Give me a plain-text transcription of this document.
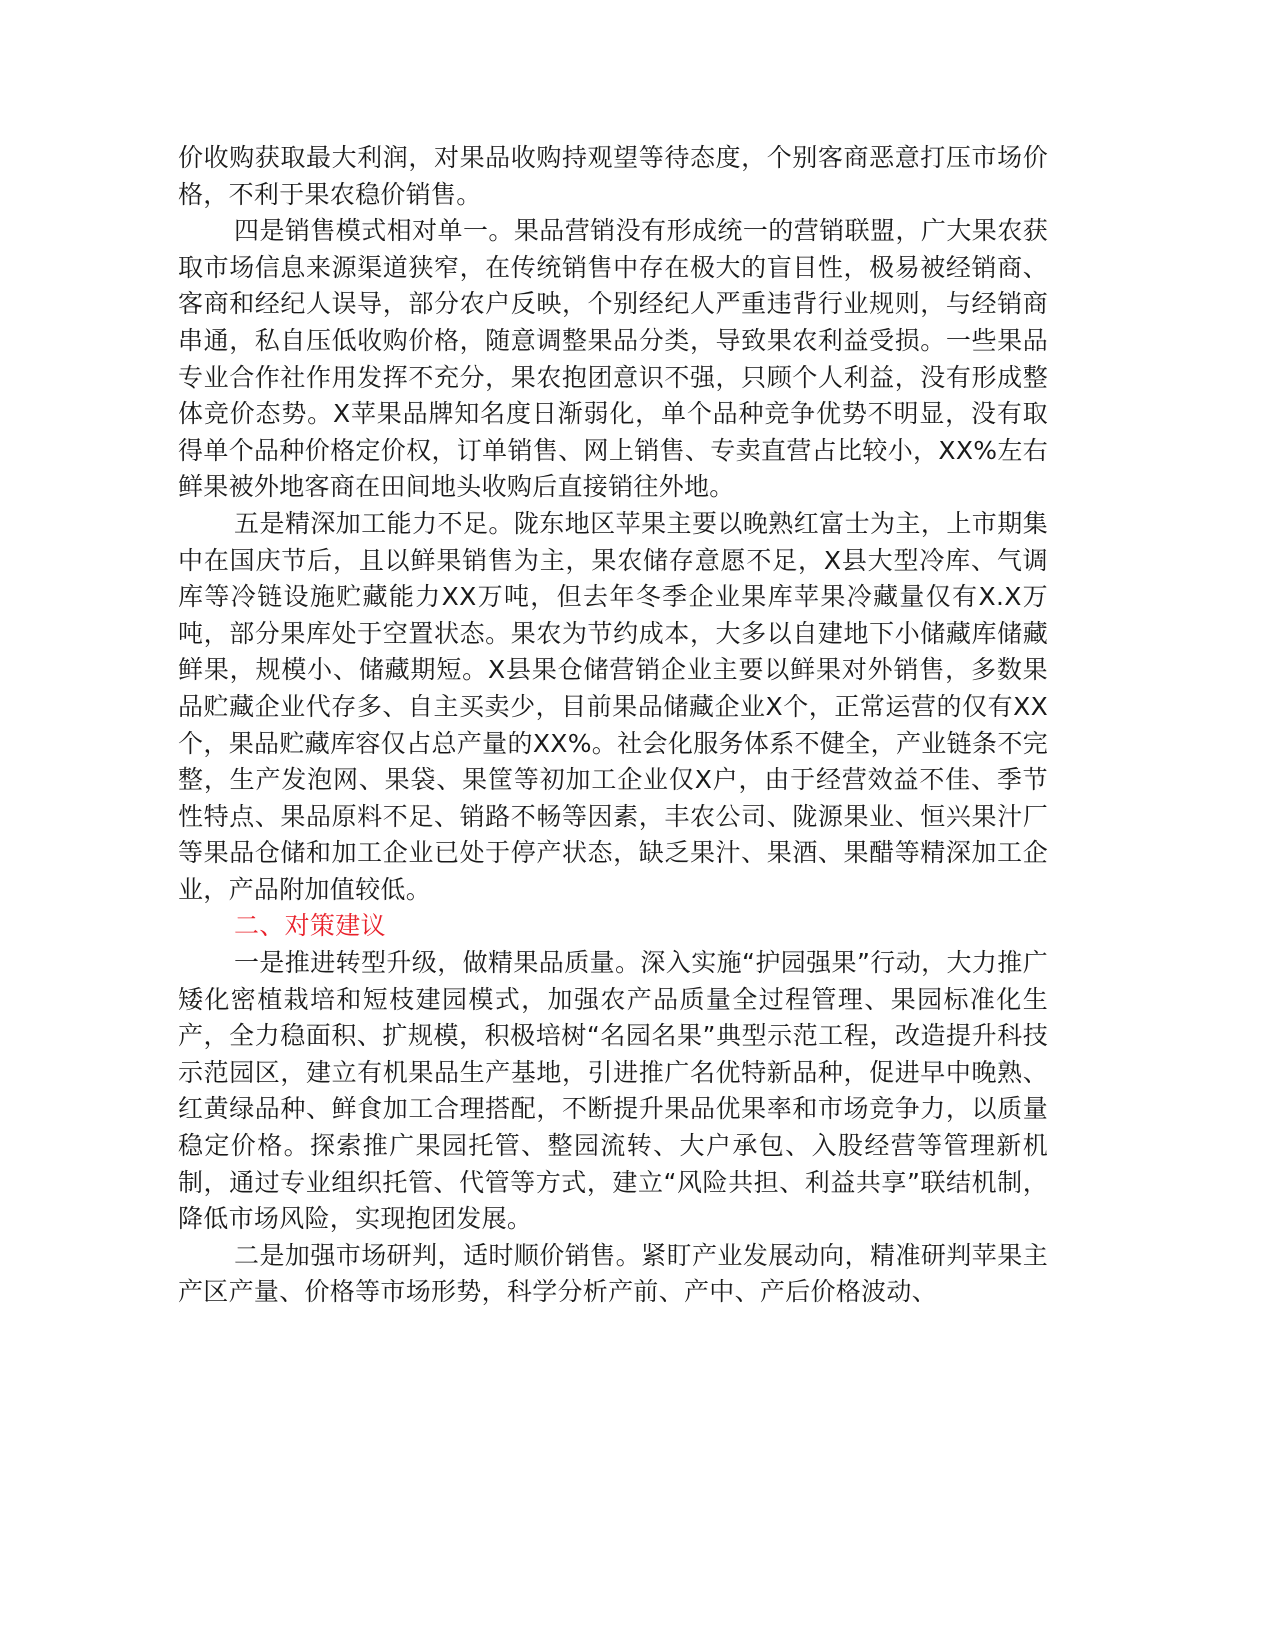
价收购获取最大利润，对果品收购持观望等待态度，个别客商恶意打压市场价格，不利于果农稳价销售。

四是销售模式相对单一。果品营销没有形成统一的营销联盟，广大果农获取市场信息来源渠道狭窄，在传统销售中存在极大的盲目性，极易被经销商、客商和经纪人误导，部分农户反映，个别经纪人严重违背行业规则，与经销商串通，私自压低收购价格，随意调整果品分类，导致果农利益受损。一些果品专业合作社作用发挥不充分，果农抱团意识不强，只顾个人利益，没有形成整体竞价态势。X苹果品牌知名度日渐弱化，单个品种竞争优势不明显，没有取得单个品种价格定价权，订单销售、网上销售、专卖直营占比较小，XX%左右鲜果被外地客商在田间地头收购后直接销往外地。

五是精深加工能力不足。陇东地区苹果主要以晚熟红富士为主，上市期集中在国庆节后，且以鲜果销售为主，果农储存意愿不足，X县大型冷库、气调库等冷链设施贮藏能力XX万吨，但去年冬季企业果库苹果冷藏量仅有X.X万吨，部分果库处于空置状态。果农为节约成本，大多以自建地下小储藏库储藏鲜果，规模小、储藏期短。X县果仓储营销企业主要以鲜果对外销售，多数果品贮藏企业代存多、自主买卖少，目前果品储藏企业X个，正常运营的仅有XX个，果品贮藏库容仅占总产量的XX%。社会化服务体系不健全，产业链条不完整，生产发泡网、果袋、果筐等初加工企业仅X户，由于经营效益不佳、季节性特点、果品原料不足、销路不畅等因素，丰农公司、陇源果业、恒兴果汁厂等果品仓储和加工企业已处于停产状态，缺乏果汁、果酒、果醋等精深加工企业，产品附加值较低。

二、对策建议

一是推进转型升级，做精果品质量。深入实施“护园强果”行动，大力推广矮化密植栽培和短枝建园模式，加强农产品质量全过程管理、果园标准化生产，全力稳面积、扩规模，积极培树“名园名果”典型示范工程，改造提升科技示范园区，建立有机果品生产基地，引进推广名优特新品种，促进早中晚熟、红黄绿品种、鲜食加工合理搭配，不断提升果品优果率和市场竞争力，以质量稳定价格。探索推广果园托管、整园流转、大户承包、入股经营等管理新机制，通过专业组织托管、代管等方式，建立“风险共担、利益共享”联结机制，降低市场风险，实现抱团发展。

二是加强市场研判，适时顺价销售。紧盯产业发展动向，精准研判苹果主产区产量、价格等市场形势，科学分析产前、产中、产后价格波动、
